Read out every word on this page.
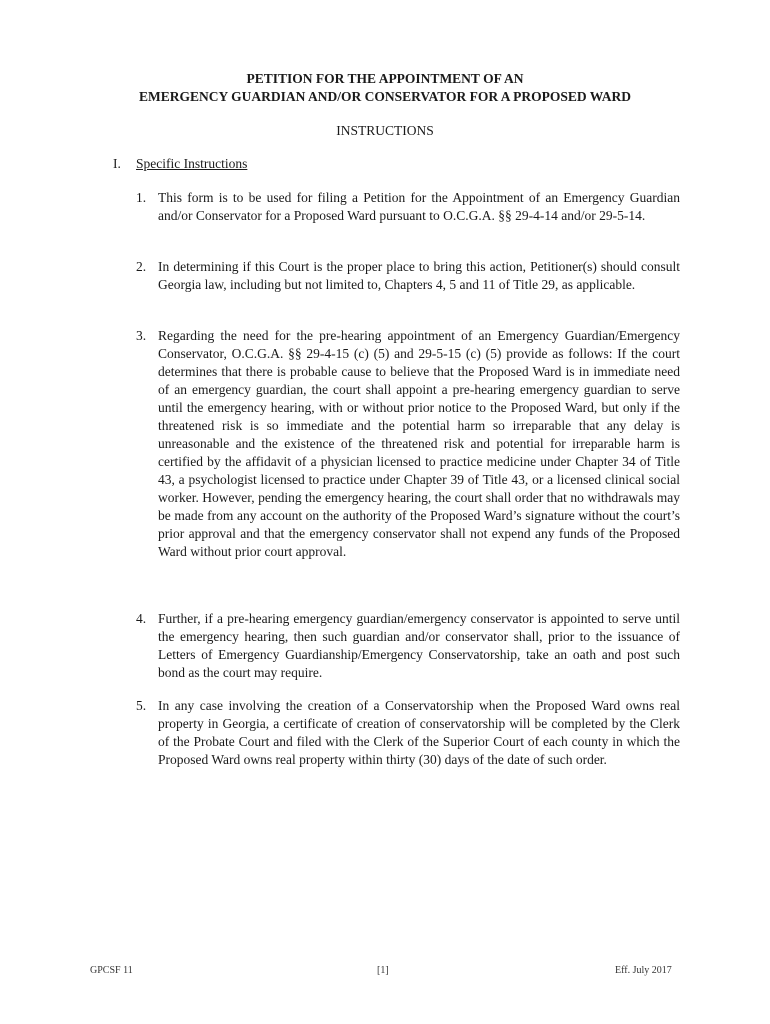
PETITION FOR THE APPOINTMENT OF AN
EMERGENCY GUARDIAN AND/OR CONSERVATOR FOR A PROPOSED WARD
INSTRUCTIONS
I. Specific Instructions
1. This form is to be used for filing a Petition for the Appointment of an Emergency Guardian and/or Conservator for a Proposed Ward pursuant to O.C.G.A. §§ 29-4-14 and/or 29-5-14.
2. In determining if this Court is the proper place to bring this action, Petitioner(s) should consult Georgia law, including but not limited to, Chapters 4, 5 and 11 of Title 29, as applicable.
3. Regarding the need for the pre-hearing appointment of an Emergency Guardian/Emergency Conservator, O.C.G.A. §§ 29-4-15 (c) (5) and 29-5-15 (c) (5) provide as follows: If the court determines that there is probable cause to believe that the Proposed Ward is in immediate need of an emergency guardian, the court shall appoint a pre-hearing emergency guardian to serve until the emergency hearing, with or without prior notice to the Proposed Ward, but only if the threatened risk is so immediate and the potential harm so irreparable that any delay is unreasonable and the existence of the threatened risk and potential for irreparable harm is certified by the affidavit of a physician licensed to practice medicine under Chapter 34 of Title 43, a psychologist licensed to practice under Chapter 39 of Title 43, or a licensed clinical social worker. However, pending the emergency hearing, the court shall order that no withdrawals may be made from any account on the authority of the Proposed Ward’s signature without the court’s prior approval and that the emergency conservator shall not expend any funds of the Proposed Ward without prior court approval.
4. Further, if a pre-hearing emergency guardian/emergency conservator is appointed to serve until the emergency hearing, then such guardian and/or conservator shall, prior to the issuance of Letters of Emergency Guardianship/Emergency Conservatorship, take an oath and post such bond as the court may require.
5. In any case involving the creation of a Conservatorship when the Proposed Ward owns real property in Georgia, a certificate of creation of conservatorship will be completed by the Clerk of the Probate Court and filed with the Clerk of the Superior Court of each county in which the Proposed Ward owns real property within thirty (30) days of the date of such order.
GPCSF 11	[1]	Eff. July 2017
